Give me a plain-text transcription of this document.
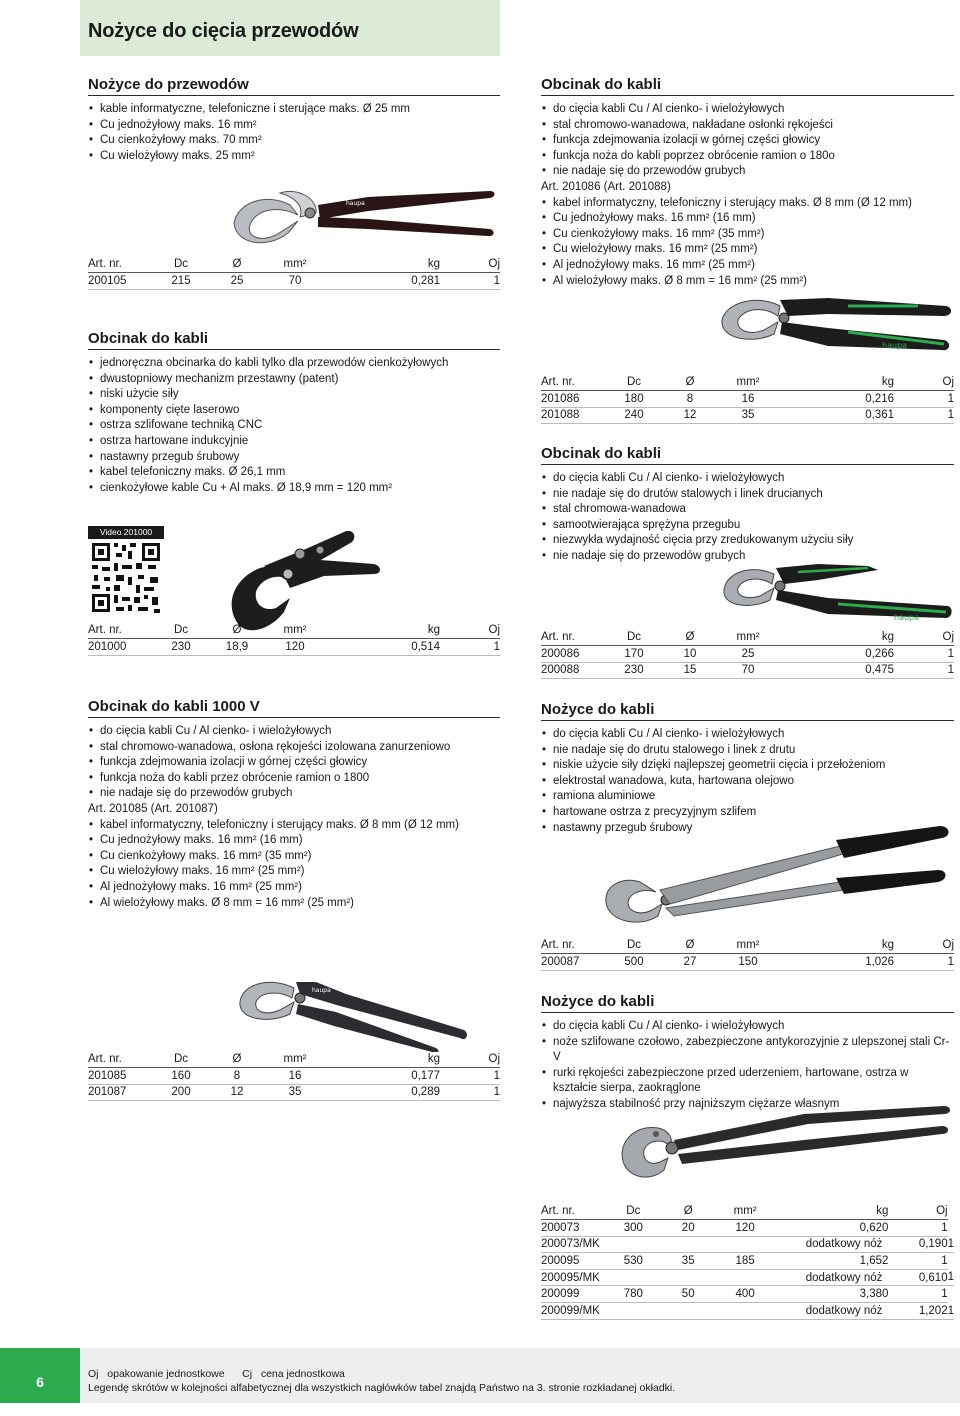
Nożyce do cięcia przewodów
Nożyce do przewodów
• kable informatyczne, telefoniczne i sterujące maks. Ø 25 mm
• Cu jednożyłowy maks. 16 mm²
• Cu cienkożyłowy maks. 70 mm²
• Cu wielożyłowy maks. 25 mm²
haupa
Art. nr.	Dc	Ø	mm²	kg	Oj
200105	215	25	70	0,281	1
Obcinak do kabli
• do cięcia kabli Cu / Al cienko- i wielożyłowych
• stal chromowo-wanadowa, nakładane osłonki rękojeści
• funkcja zdejmowania izolacji w górnej części głowicy
• funkcja noża do kabli poprzez obrócenie ramion o 180o
• nie nadaje się do przewodów grubych
Art. 201086 (Art. 201088)
• kabel informatyczny, telefoniczny i sterujący maks. Ø 8 mm (Ø 12 mm)
• Cu jednożyłowy maks. 16 mm² (16 mm)
• Cu cienkożyłowy maks. 16 mm² (35 mm²)
• Cu wielożyłowy maks. 16 mm² (25 mm²)
• Al jednożyłowy maks. 16 mm² (25 mm²)
• Al wielożyłowy maks. Ø 8 mm = 16 mm² (25 mm²)
haupa
Art. nr.	Dc	Ø	mm²	kg	Oj
201086	180	8	16	0,216	1
201088	240	12	35	0,361	1
Obcinak do kabli
• jednoręczna obcinarka do kabli tylko dla przewodów cienkożyłowych
• dwustopniowy mechanizm przestawny (patent)
• niski użycie siły
• komponenty cięte laserowo
• ostrza szlifowane techniką CNC
• ostrza hartowane indukcyjnie
• nastawny przegub śrubowy
• kabel telefoniczny maks. Ø 26,1 mm
• cienkożyłowe kable Cu + Al maks. Ø 18,9 mm = 120 mm²
Video 201000
Art. nr.	Dc	Ø	mm²	kg	Oj
201000	230	18,9	120	0,514	1
Obcinak do kabli
• do cięcia kabli Cu / Al cienko- i wielożyłowych
• nie nadaje się do drutów stalowych i linek drucianych
• stal chromowa-wanadowa
• samootwierająca sprężyna przegubu
• niezwykła wydajność cięcia przy zredukowanym użyciu siły
• nie nadaje się do przewodów grubych
haupa
Art. nr.	Dc	Ø	mm²	kg	Oj
200086	170	10	25	0,266	1
200088	230	15	70	0,475	1
Obcinak do kabli 1000 V
• do cięcia kabli Cu / Al cienko- i wielożyłowych
• stal chromowo-wanadowa, osłona rękojeści izolowana zanurzeniowo
• funkcja zdejmowania izolacji w górnej części głowicy
• funkcja noża do kabli przez obrócenie ramion o 1800
• nie nadaje się do przewodów grubych
Art. 201085 (Art. 201087)
• kabel informatyczny, telefoniczny i sterujący maks. Ø 8 mm (Ø 12 mm)
• Cu jednożyłowy maks. 16 mm² (16 mm)
• Cu cienkożyłowy maks. 16 mm² (35 mm²)
• Cu wielożyłowy maks. 16 mm² (25 mm²)
• Al jednożyłowy maks. 16 mm² (25 mm²)
• Al wielożyłowy maks. Ø 8 mm = 16 mm² (25 mm²)
haupa
Art. nr.	Dc	Ø	mm²	kg	Oj
201085	160	8	16	0,177	1
201087	200	12	35	0,289	1
Nożyce do kabli
• do cięcia kabli Cu / Al cienko- i wielożyłowych
• nie nadaje się do drutu stalowego i linek z drutu
• niskie użycie siły dzięki najlepszej geometrii cięcia i przełożeniom
• elektrostal wanadowa, kuta, hartowana olejowo
• ramiona aluminiowe
• hartowane ostrza z precyzyjnym szlifem
• nastawny przegub śrubowy
Art. nr.	Dc	Ø	mm²	kg	Oj
200087	500	27	150	1,026	1
Nożyce do kabli
• do cięcia kabli Cu / Al cienko- i wielożyłowych
• noże szlifowane czołowo, zabezpieczone antykorozyjnie z ulepszonej stali Cr-V
• rurki rękojeści zabezpieczone przed uderzeniem, hartowane, ostrza w kształcie sierpa, zaokrąglone
• najwyższa stabilność przy najniższym ciężarze własnym
Art. nr.	Dc	Ø	mm²	kg	Oj	
200073	300	20	120	0,620	1	
200073/MK			dodatkowy nóż		0,190	1
200095	530	35	185	1,652	1	
200095/MK			dodatkowy nóż		0,610	1
200099	780	50	400	3,380	1	
200099/MK			dodatkowy nóż		1,202	1
6	Oj opakowanie jednostkowe Cj cena jednostkowa
Legendę skrótów w kolejności alfabetycznej dla wszystkich nagłówków tabel znajdą Państwo na 3. stronie rozkładanej okładki.
